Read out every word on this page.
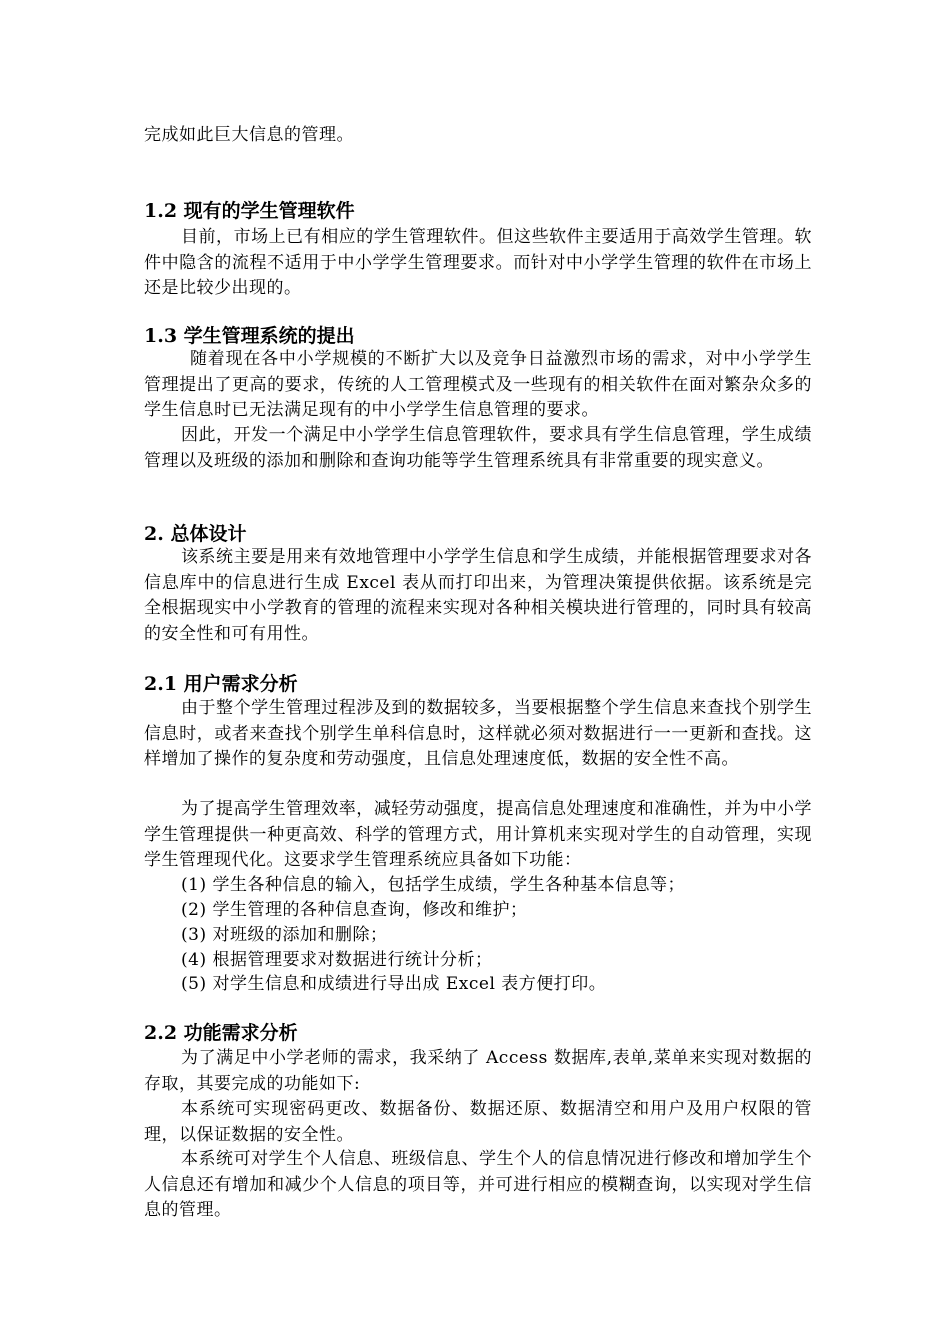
完成如此巨大信息的管理。
1.2 现有的学生管理软件
目前，市场上已有相应的学生管理软件。但这些软件主要适用于高效学生管理。软件中隐含的流程不适用于中小学学生管理要求。而针对中小学学生管理的软件在市场上还是比较少出现的。
1.3 学生管理系统的提出
随着现在各中小学规模的不断扩大以及竞争日益激烈市场的需求，对中小学学生管理提出了更高的要求，传统的人工管理模式及一些现有的相关软件在面对繁杂众多的学生信息时已无法满足现有的中小学学生信息管理的要求。
因此，开发一个满足中小学学生信息管理软件，要求具有学生信息管理，学生成绩管理以及班级的添加和删除和查询功能等学生管理系统具有非常重要的现实意义。
2. 总体设计
该系统主要是用来有效地管理中小学学生信息和学生成绩，并能根据管理要求对各信息库中的信息进行生成 Excel 表从而打印出来，为管理决策提供依据。该系统是完全根据现实中小学教育的管理的流程来实现对各种相关模块进行管理的，同时具有较高的安全性和可有用性。
2.1 用户需求分析
由于整个学生管理过程涉及到的数据较多，当要根据整个学生信息来查找个别学生信息时，或者来查找个别学生单科信息时，这样就必须对数据进行一一更新和查找。这样增加了操作的复杂度和劳动强度，且信息处理速度低，数据的安全性不高。
为了提高学生管理效率，减轻劳动强度，提高信息处理速度和准确性，并为中小学学生管理提供一种更高效、科学的管理方式，用计算机来实现对学生的自动管理，实现学生管理现代化。这要求学生管理系统应具备如下功能：
(1) 学生各种信息的输入，包括学生成绩，学生各种基本信息等；
(2) 学生管理的各种信息查询，修改和维护；
(3) 对班级的添加和删除；
(4) 根据管理要求对数据进行统计分析；
(5) 对学生信息和成绩进行导出成 Excel 表方便打印。
2.2 功能需求分析
为了满足中小学老师的需求，我采纳了 Access 数据库,表单,菜单来实现对数据的存取，其要完成的功能如下:
本系统可实现密码更改、数据备份、数据还原、数据清空和用户及用户权限的管理，以保证数据的安全性。
本系统可对学生个人信息、班级信息、学生个人的信息情况进行修改和增加学生个人信息还有增加和减少个人信息的项目等，并可进行相应的模糊查询，以实现对学生信息的管理。
